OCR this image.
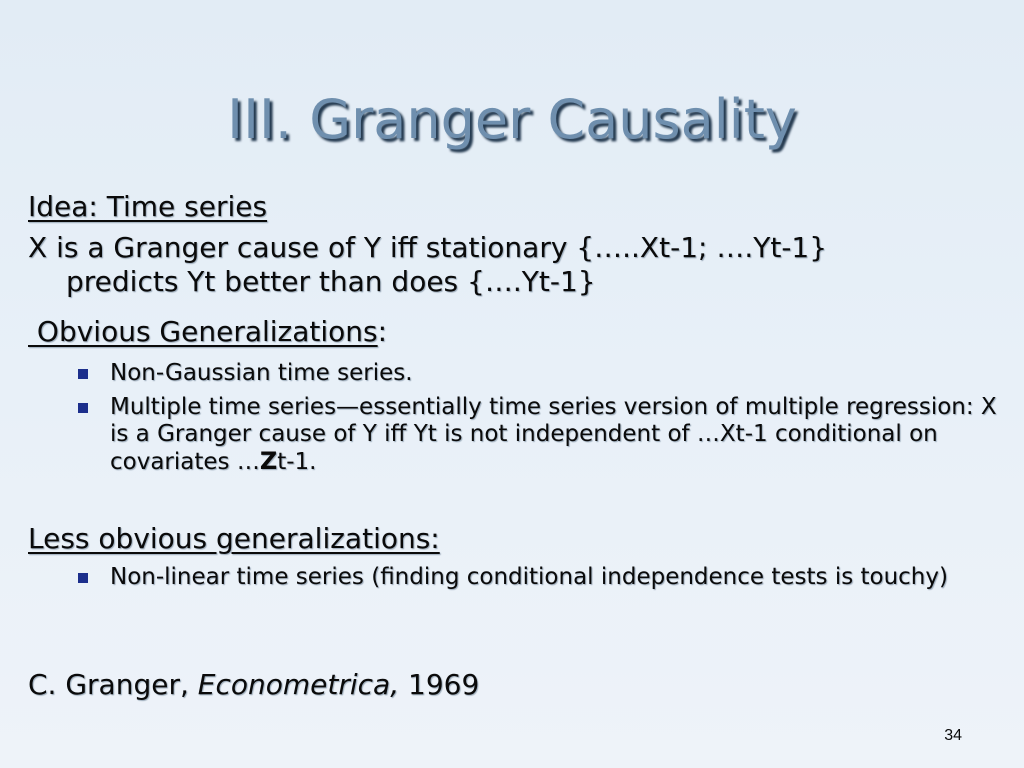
III. Granger Causality
Idea: Time series
X is a Granger cause of Y iff stationary {…..Xt-1; ….Yt-1}
predicts Yt better than does {….Yt-1}
Obvious Generalizations:
Non-Gaussian time series.
Multiple time series—essentially time series version of multiple regression: X is a Granger cause of Y iff Yt is not independent of …Xt-1 conditional on covariates …Zt-1.
Less obvious generalizations:
Non-linear time series (finding conditional independence tests is touchy)
C. Granger, Econometrica, 1969
34
